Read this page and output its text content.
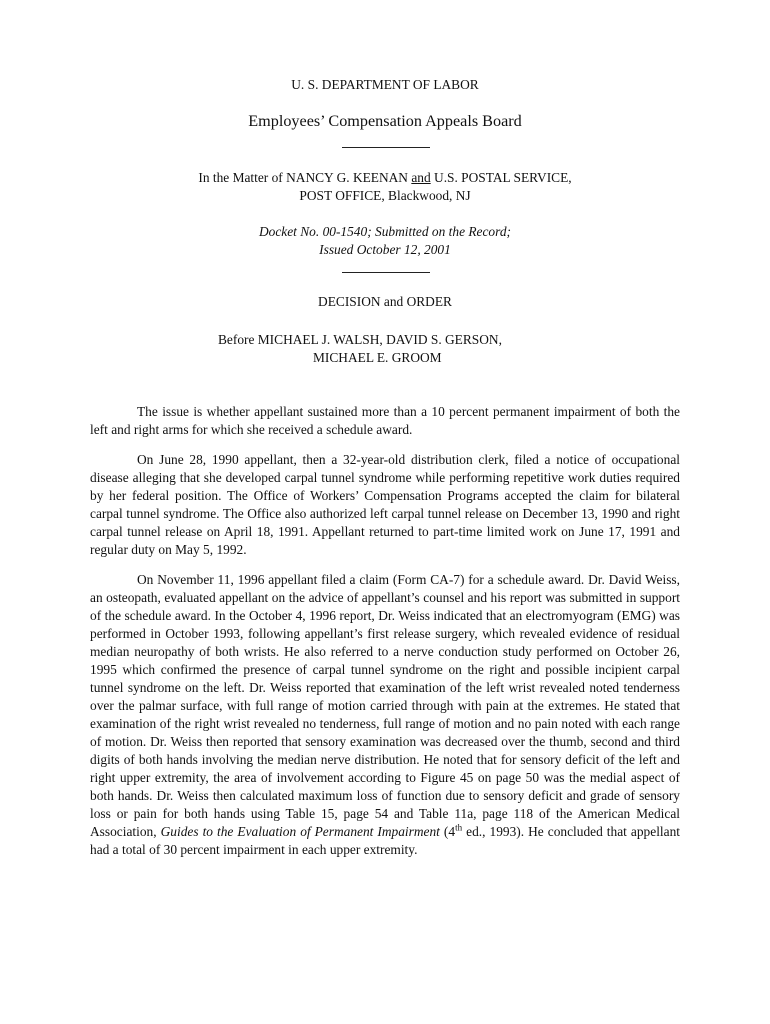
U. S. DEPARTMENT OF LABOR
Employees’ Compensation Appeals Board
In the Matter of NANCY G. KEENAN and U.S. POSTAL SERVICE,
POST OFFICE, Blackwood, NJ
Docket No. 00-1540; Submitted on the Record;
Issued October 12, 2001
DECISION and ORDER
Before MICHAEL J. WALSH, DAVID S. GERSON,
MICHAEL E. GROOM

The issue is whether appellant sustained more than a 10 percent permanent impairment of both the left and right arms for which she received a schedule award.

On June 28, 1990 appellant, then a 32-year-old distribution clerk, filed a notice of occupational disease alleging that she developed carpal tunnel syndrome while performing repetitive work duties required by her federal position. The Office of Workers’ Compensation Programs accepted the claim for bilateral carpal tunnel syndrome. The Office also authorized left carpal tunnel release on December 13, 1990 and right carpal tunnel release on April 18, 1991. Appellant returned to part-time limited work on June 17, 1991 and regular duty on May 5, 1992.

On November 11, 1996 appellant filed a claim (Form CA-7) for a schedule award. Dr. David Weiss, an osteopath, evaluated appellant on the advice of appellant’s counsel and his report was submitted in support of the schedule award. In the October 4, 1996 report, Dr. Weiss indicated that an electromyogram (EMG) was performed in October 1993, following appellant’s first release surgery, which revealed evidence of residual median neuropathy of both wrists. He also referred to a nerve conduction study performed on October 26, 1995 which confirmed the presence of carpal tunnel syndrome on the right and possible incipient carpal tunnel syndrome on the left. Dr. Weiss reported that examination of the left wrist revealed noted tenderness over the palmar surface, with full range of motion carried through with pain at the extremes. He stated that examination of the right wrist revealed no tenderness, full range of motion and no pain noted with each range of motion. Dr. Weiss then reported that sensory examination was decreased over the thumb, second and third digits of both hands involving the median nerve distribution. He noted that for sensory deficit of the left and right upper extremity, the area of involvement according to Figure 45 on page 50 was the medial aspect of both hands. Dr. Weiss then calculated maximum loss of function due to sensory deficit and grade of sensory loss or pain for both hands using Table 15, page 54 and Table 11a, page 118 of the American Medical Association, Guides to the Evaluation of Permanent Impairment (4th ed., 1993). He concluded that appellant had a total of 30 percent impairment in each upper extremity.
